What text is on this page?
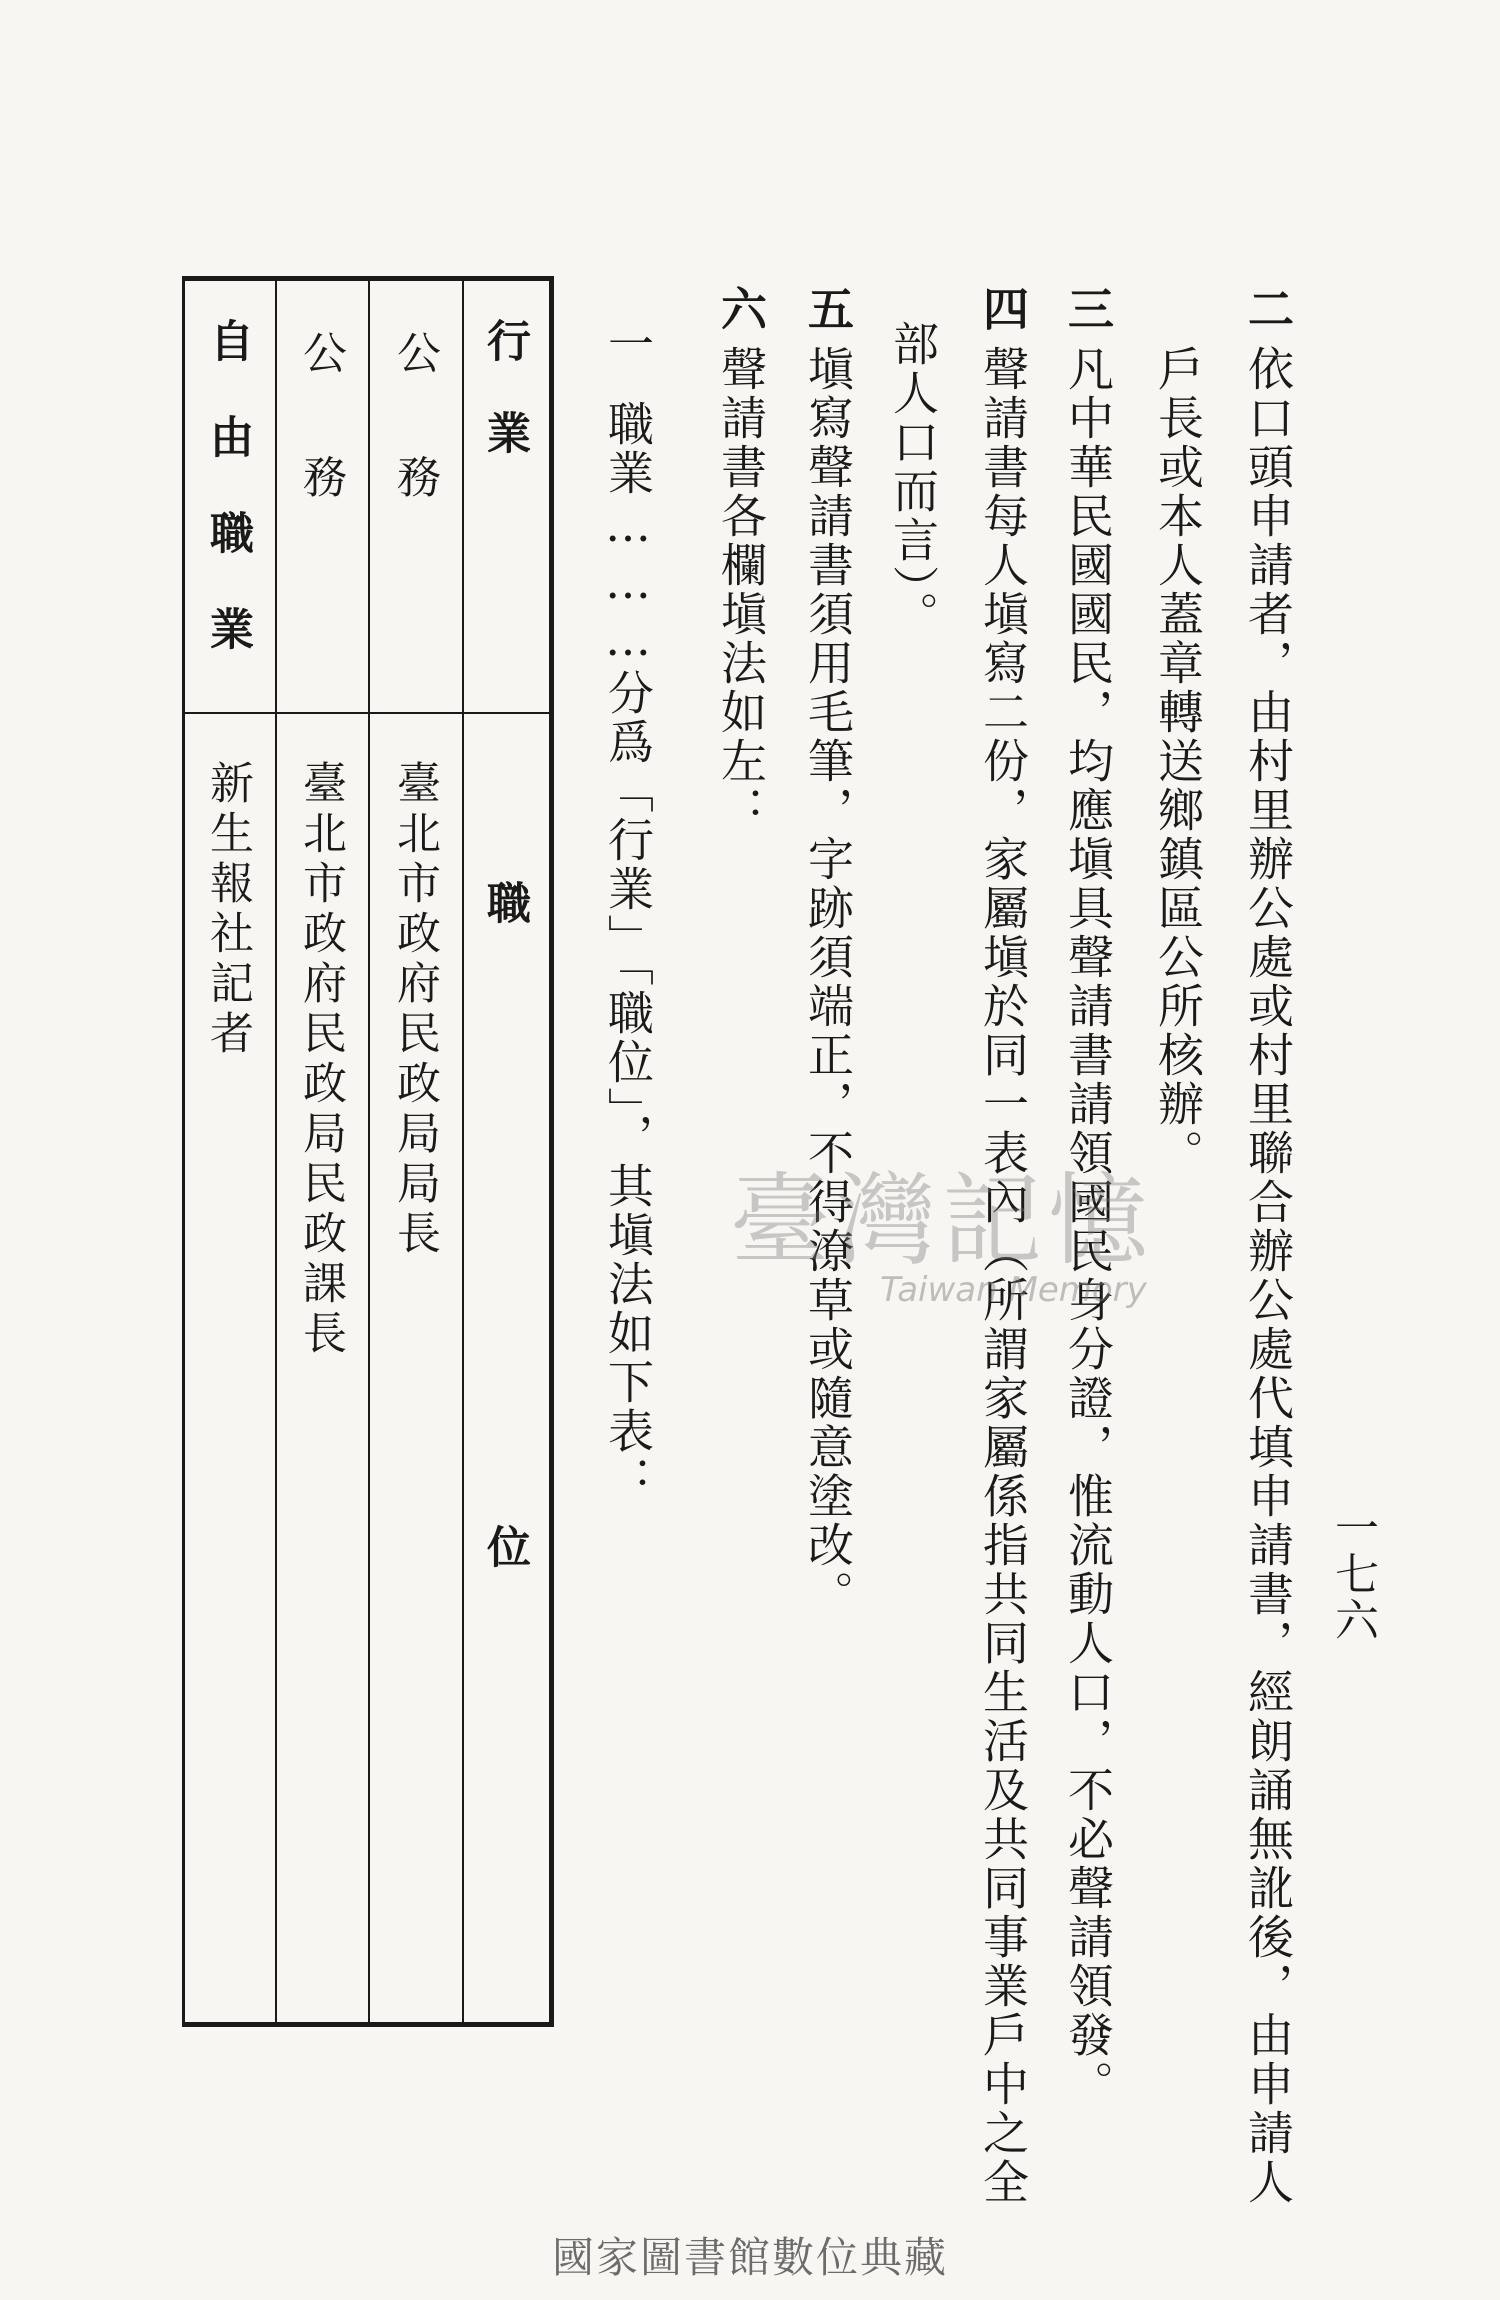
一七六
二
依口頭申請者，由村里辦公處或村里聯合辦公處代填申請書，經朗誦無訛後，由申請人
戶長或本人蓋章轉送鄉鎮區公所核辦。
三
凡中華民國國民，均應塡具聲請書請領國民身分證，惟流動人口，不必聲請領發。
四
聲請書每人塡寫二份，家屬塡於同一表內（所謂家屬係指共同生活及共同事業戶中之全
部人口而言）。
五
塡寫聲請書須用毛筆，字跡須端正，不得潦草或隨意塗改。
六
聲請書各欄塡法如左：
一
職業………分爲「行業」「職位」，其塡法如下表：
行業
職位
公務
臺北市政府民政局局長
公務
臺北市政府民政局民政課長
自由職業
新生報社記者
臺灣記憶
Taiwan Memory
國家圖書館數位典藏
